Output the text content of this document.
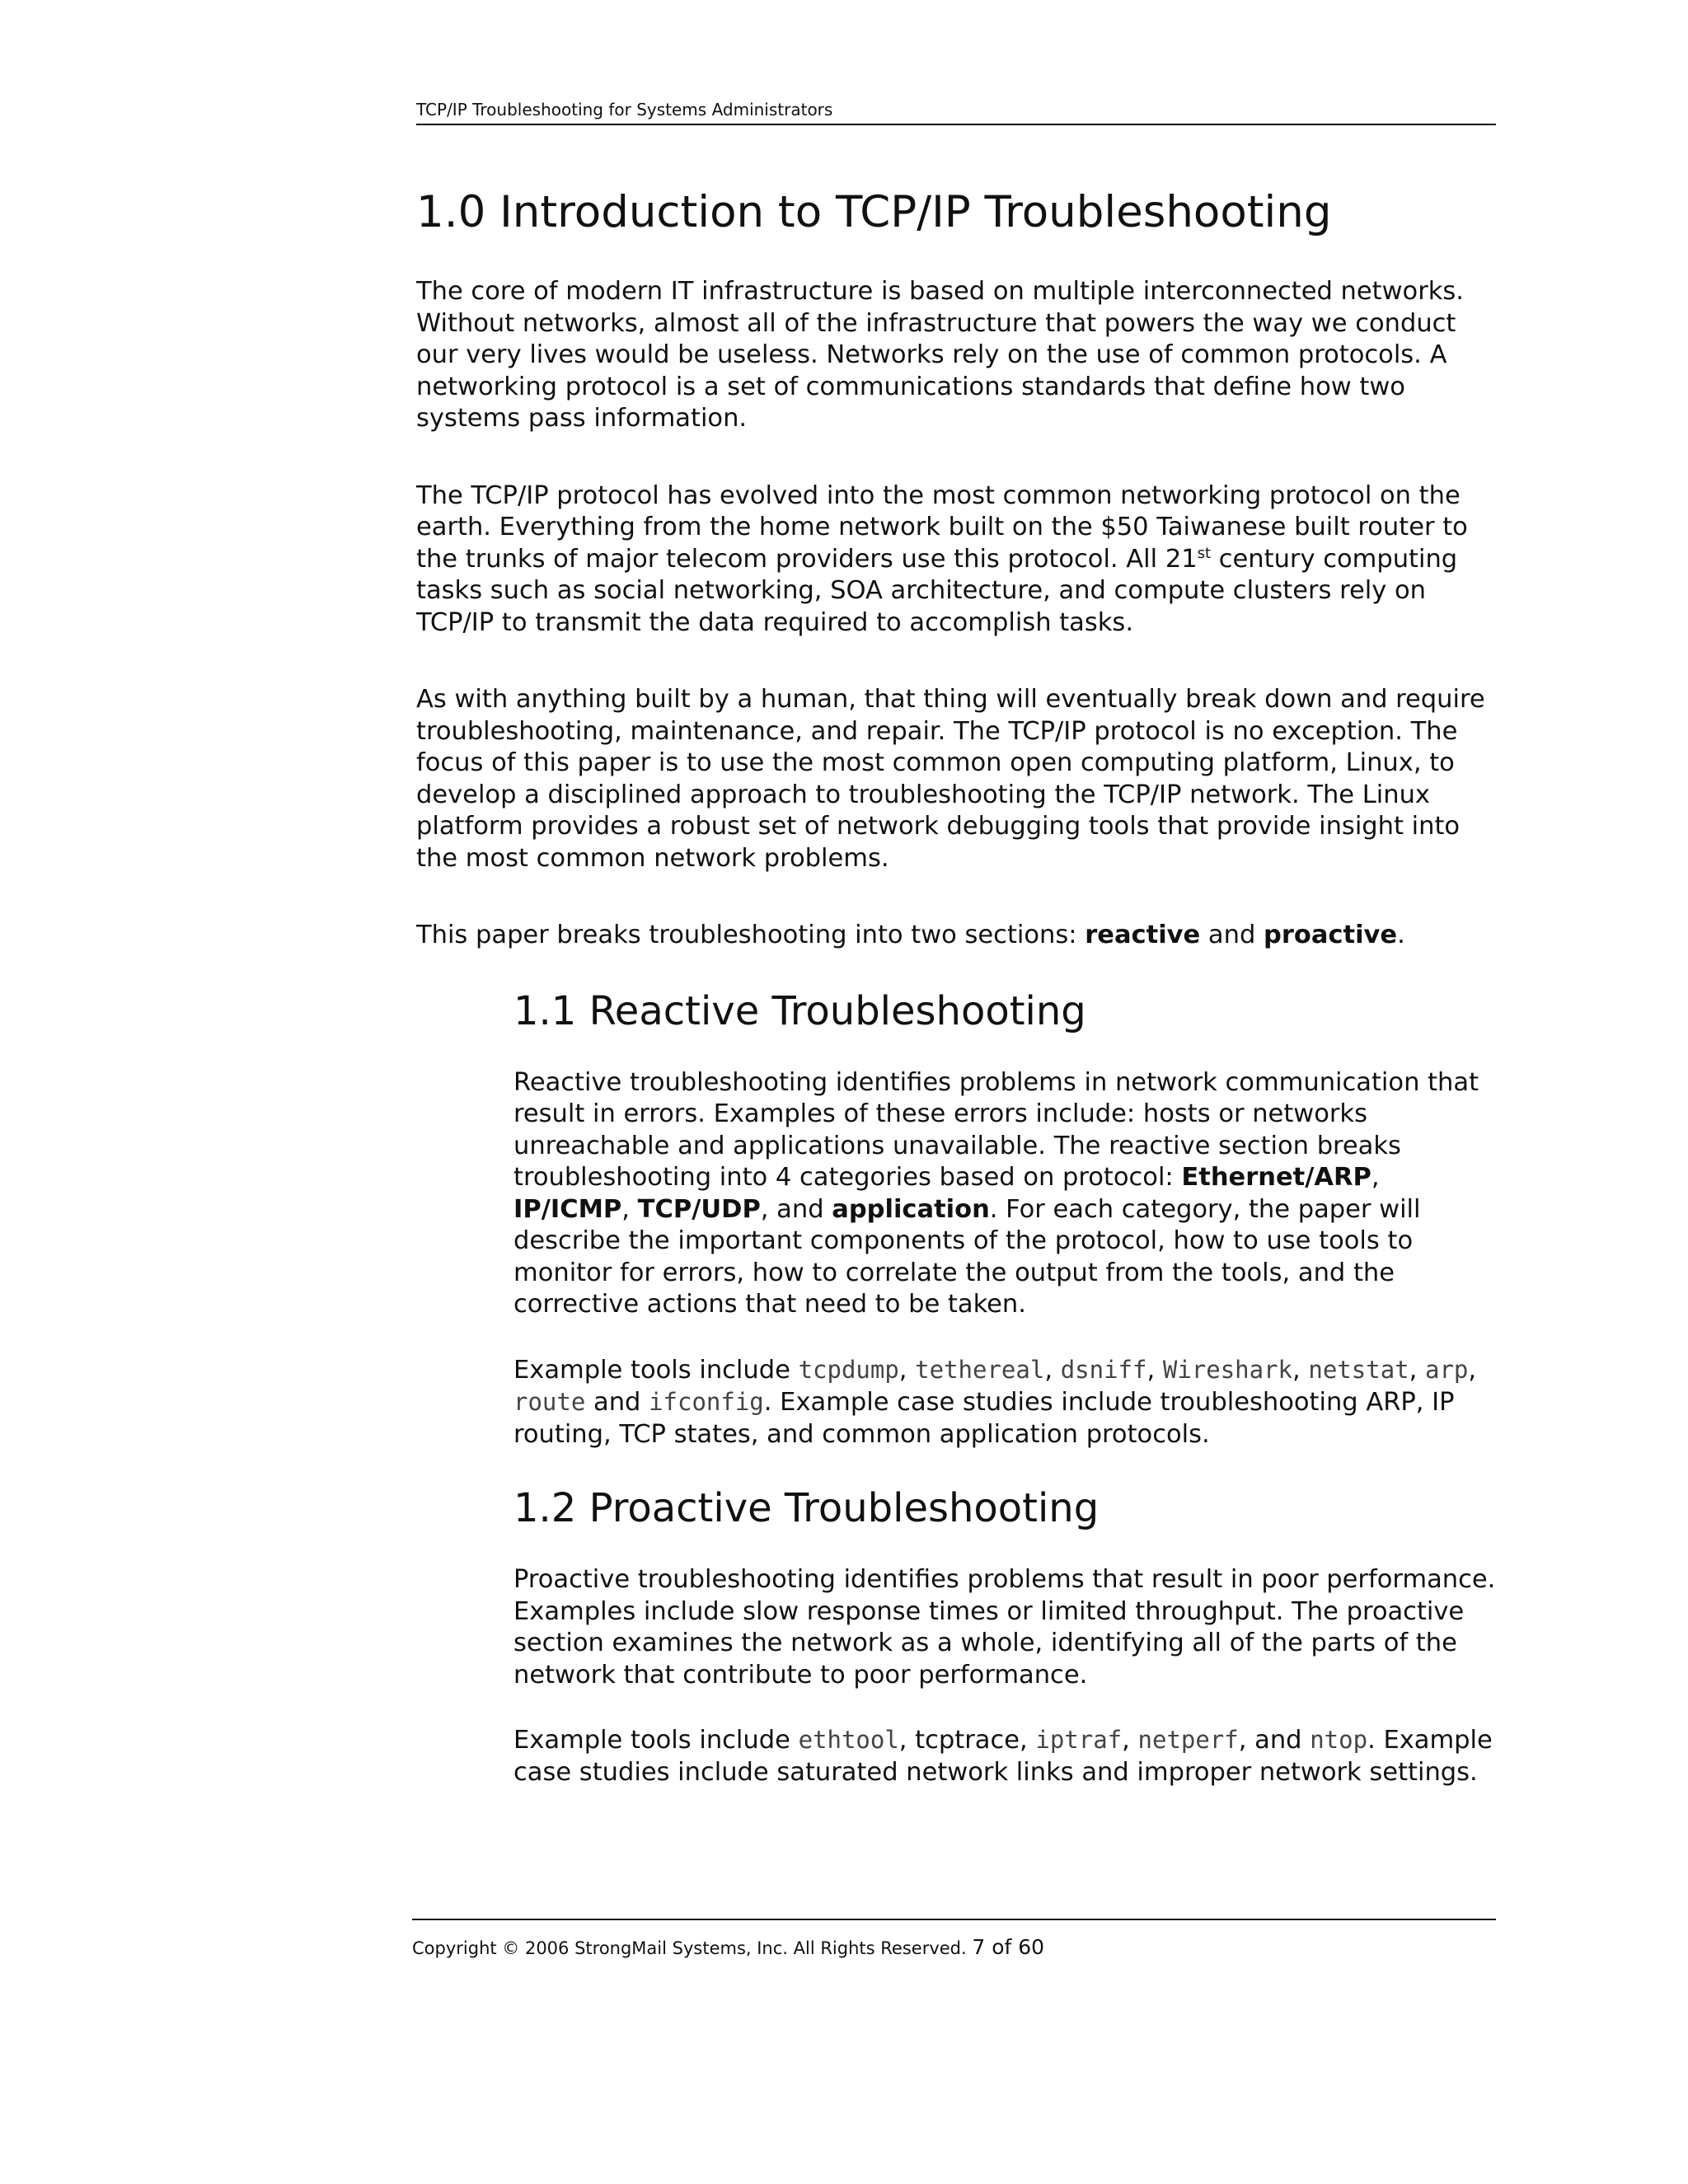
TCP/IP Troubleshooting for Systems Administrators
1.0 Introduction to TCP/IP Troubleshooting

The core of modern IT infrastructure is based on multiple interconnected networks. Without networks, almost all of the infrastructure that powers the way we conduct our very lives would be useless. Networks rely on the use of common protocols. A networking protocol is a set of communications standards that define how two systems pass information.

The TCP/IP protocol has evolved into the most common networking protocol on the earth. Everything from the home network built on the $50 Taiwanese built router to the trunks of major telecom providers use this protocol. All 21st century computing tasks such as social networking, SOA architecture, and compute clusters rely on TCP/IP to transmit the data required to accomplish tasks.

As with anything built by a human, that thing will eventually break down and require troubleshooting, maintenance, and repair. The TCP/IP protocol is no exception. The focus of this paper is to use the most common open computing platform, Linux, to develop a disciplined approach to troubleshooting the TCP/IP network. The Linux platform provides a robust set of network debugging tools that provide insight into the most common network problems.

This paper breaks troubleshooting into two sections: reactive and proactive.

1.1 Reactive Troubleshooting

Reactive troubleshooting identifies problems in network communication that result in errors. Examples of these errors include: hosts or networks unreachable and applications unavailable. The reactive section breaks troubleshooting into 4 categories based on protocol: Ethernet/ARP, IP/ICMP, TCP/UDP, and application. For each category, the paper will describe the important components of the protocol, how to use tools to monitor for errors, how to correlate the output from the tools, and the corrective actions that need to be taken.

Example tools include tcpdump, tethereal, dsniff, Wireshark, netstat, arp, route and ifconfig. Example case studies include troubleshooting ARP, IP routing, TCP states, and common application protocols.

1.2 Proactive Troubleshooting

Proactive troubleshooting identifies problems that result in poor performance. Examples include slow response times or limited throughput. The proactive section examines the network as a whole, identifying all of the parts of the network that contribute to poor performance.

Example tools include ethtool, tcptrace, iptraf, netperf, and ntop. Example case studies include saturated network links and improper network settings.

Copyright © 2006 StrongMail Systems, Inc. All Rights Reserved. 7 of 60
